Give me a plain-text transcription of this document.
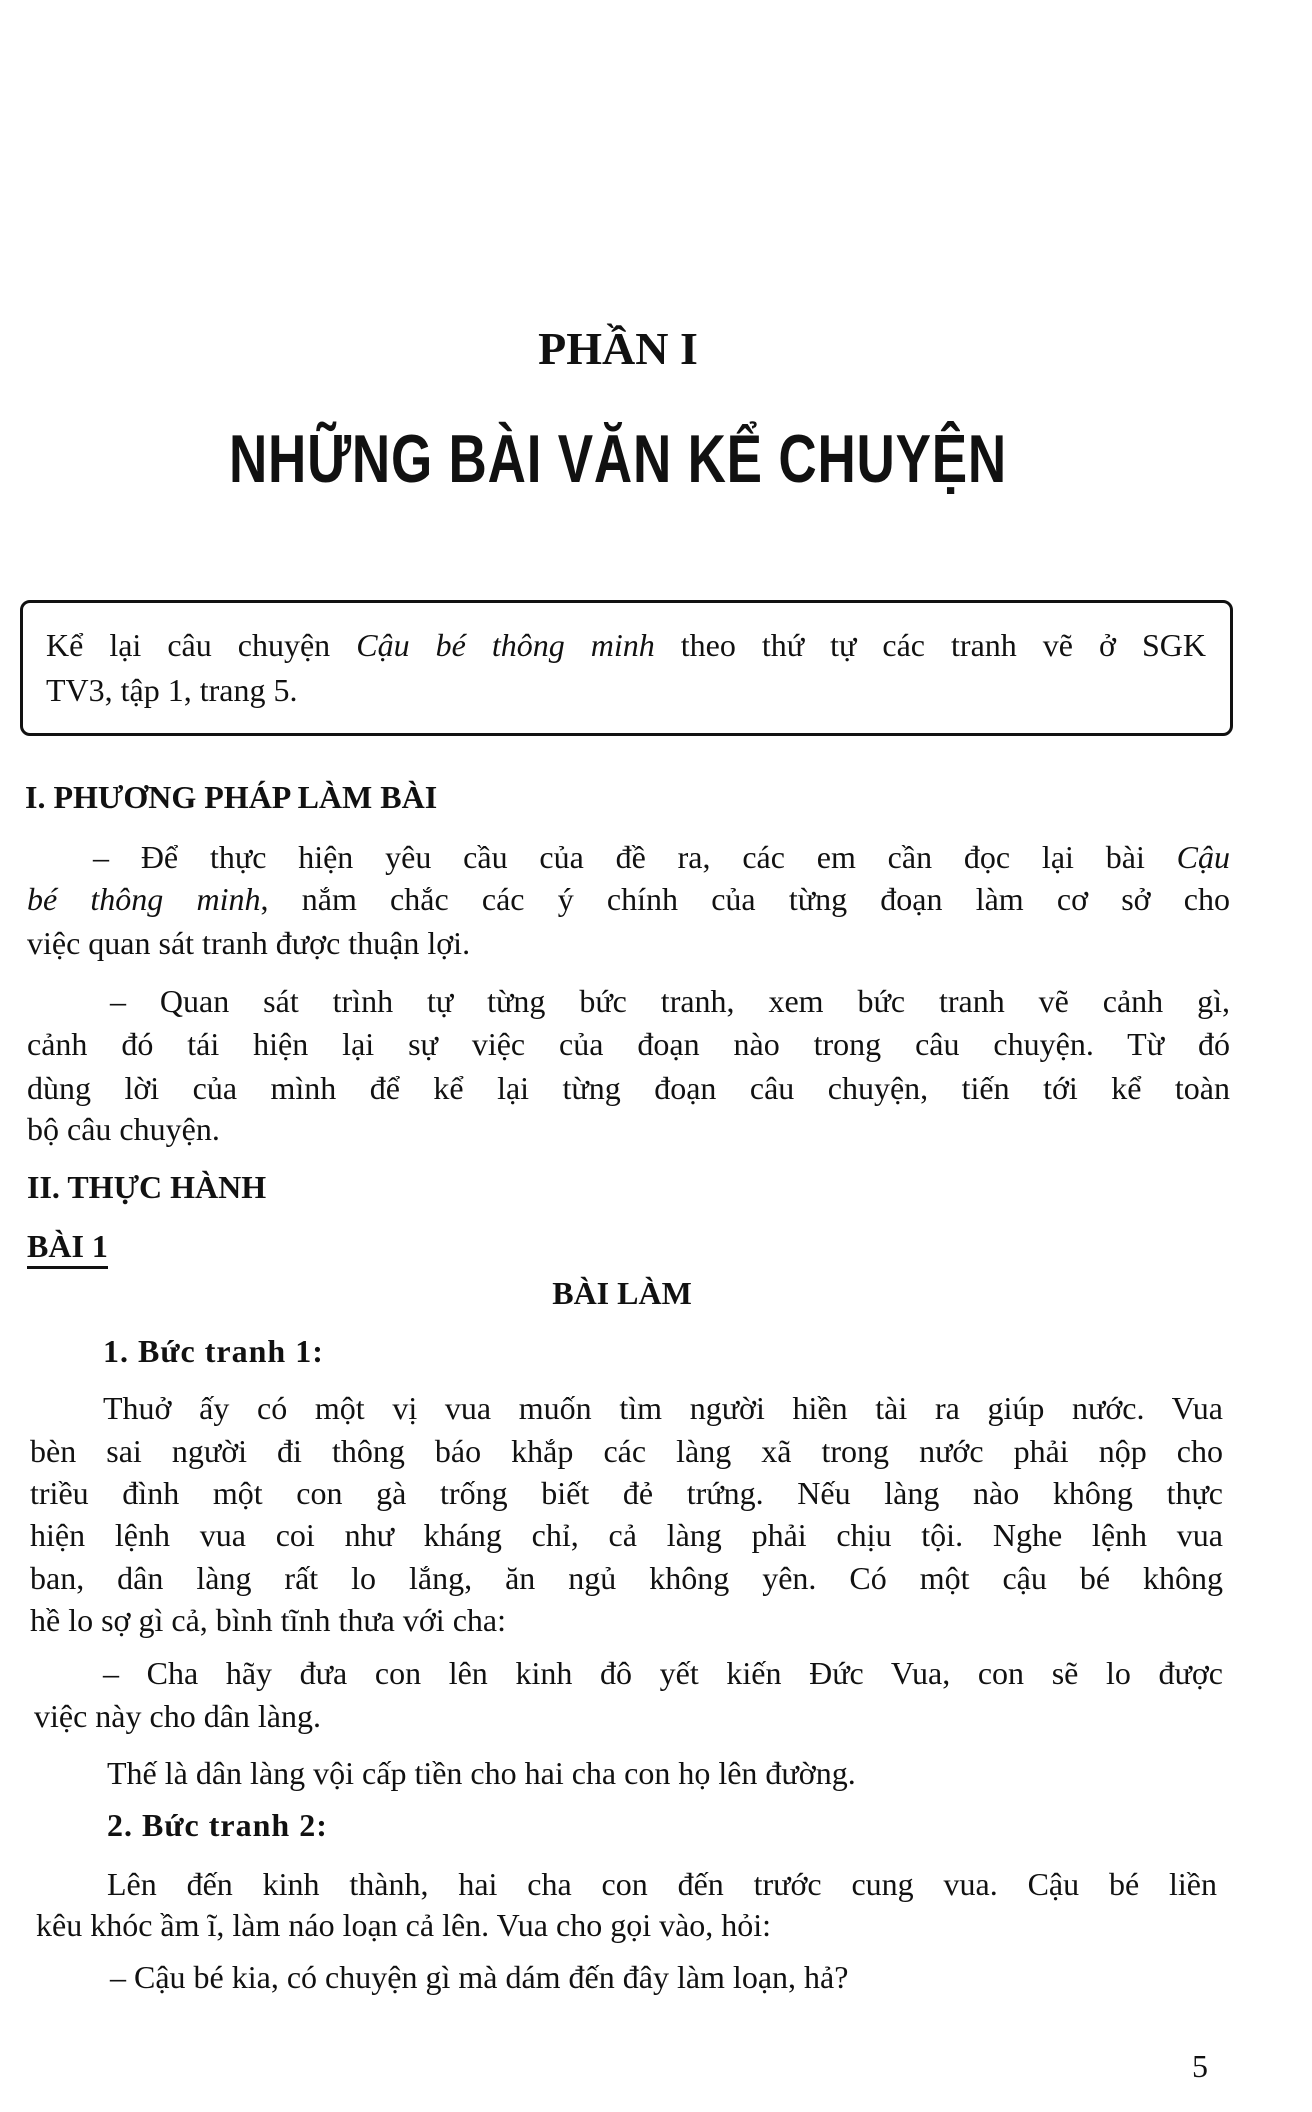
PHẦN I
NHỮNG BÀI VĂN KỂ CHUYỆN
Kể lại câu chuyện Cậu bé thông minh theo thứ tự các tranh vẽ ở SGK
TV3, tập 1, trang 5.
I. PHƯƠNG PHÁP LÀM BÀI
– Để thực hiện yêu cầu của đề ra, các em cần đọc lại bài Cậu
bé thông minh, nắm chắc các ý chính của từng đoạn làm cơ sở cho
việc quan sát tranh được thuận lợi.
– Quan sát trình tự từng bức tranh, xem bức tranh vẽ cảnh gì,
cảnh đó tái hiện lại sự việc của đoạn nào trong câu chuyện. Từ đó
dùng lời của mình để kể lại từng đoạn câu chuyện, tiến tới kể toàn
bộ câu chuyện.
II. THỰC HÀNH
BÀI 1
BÀI LÀM
1. Bức tranh 1:
Thuở ấy có một vị vua muốn tìm người hiền tài ra giúp nước. Vua
bèn sai người đi thông báo khắp các làng xã trong nước phải nộp cho
triều đình một con gà trống biết đẻ trứng. Nếu làng nào không thực
hiện lệnh vua coi như kháng chỉ, cả làng phải chịu tội. Nghe lệnh vua
ban, dân làng rất lo lắng, ăn ngủ không yên. Có một cậu bé không
hề lo sợ gì cả, bình tĩnh thưa với cha:
– Cha hãy đưa con lên kinh đô yết kiến Đức Vua, con sẽ lo được
việc này cho dân làng.
Thế là dân làng vội cấp tiền cho hai cha con họ lên đường.
2. Bức tranh 2:
Lên đến kinh thành, hai cha con đến trước cung vua. Cậu bé liền
kêu khóc ầm ĩ, làm náo loạn cả lên. Vua cho gọi vào, hỏi:
– Cậu bé kia, có chuyện gì mà dám đến đây làm loạn, hả?
5
